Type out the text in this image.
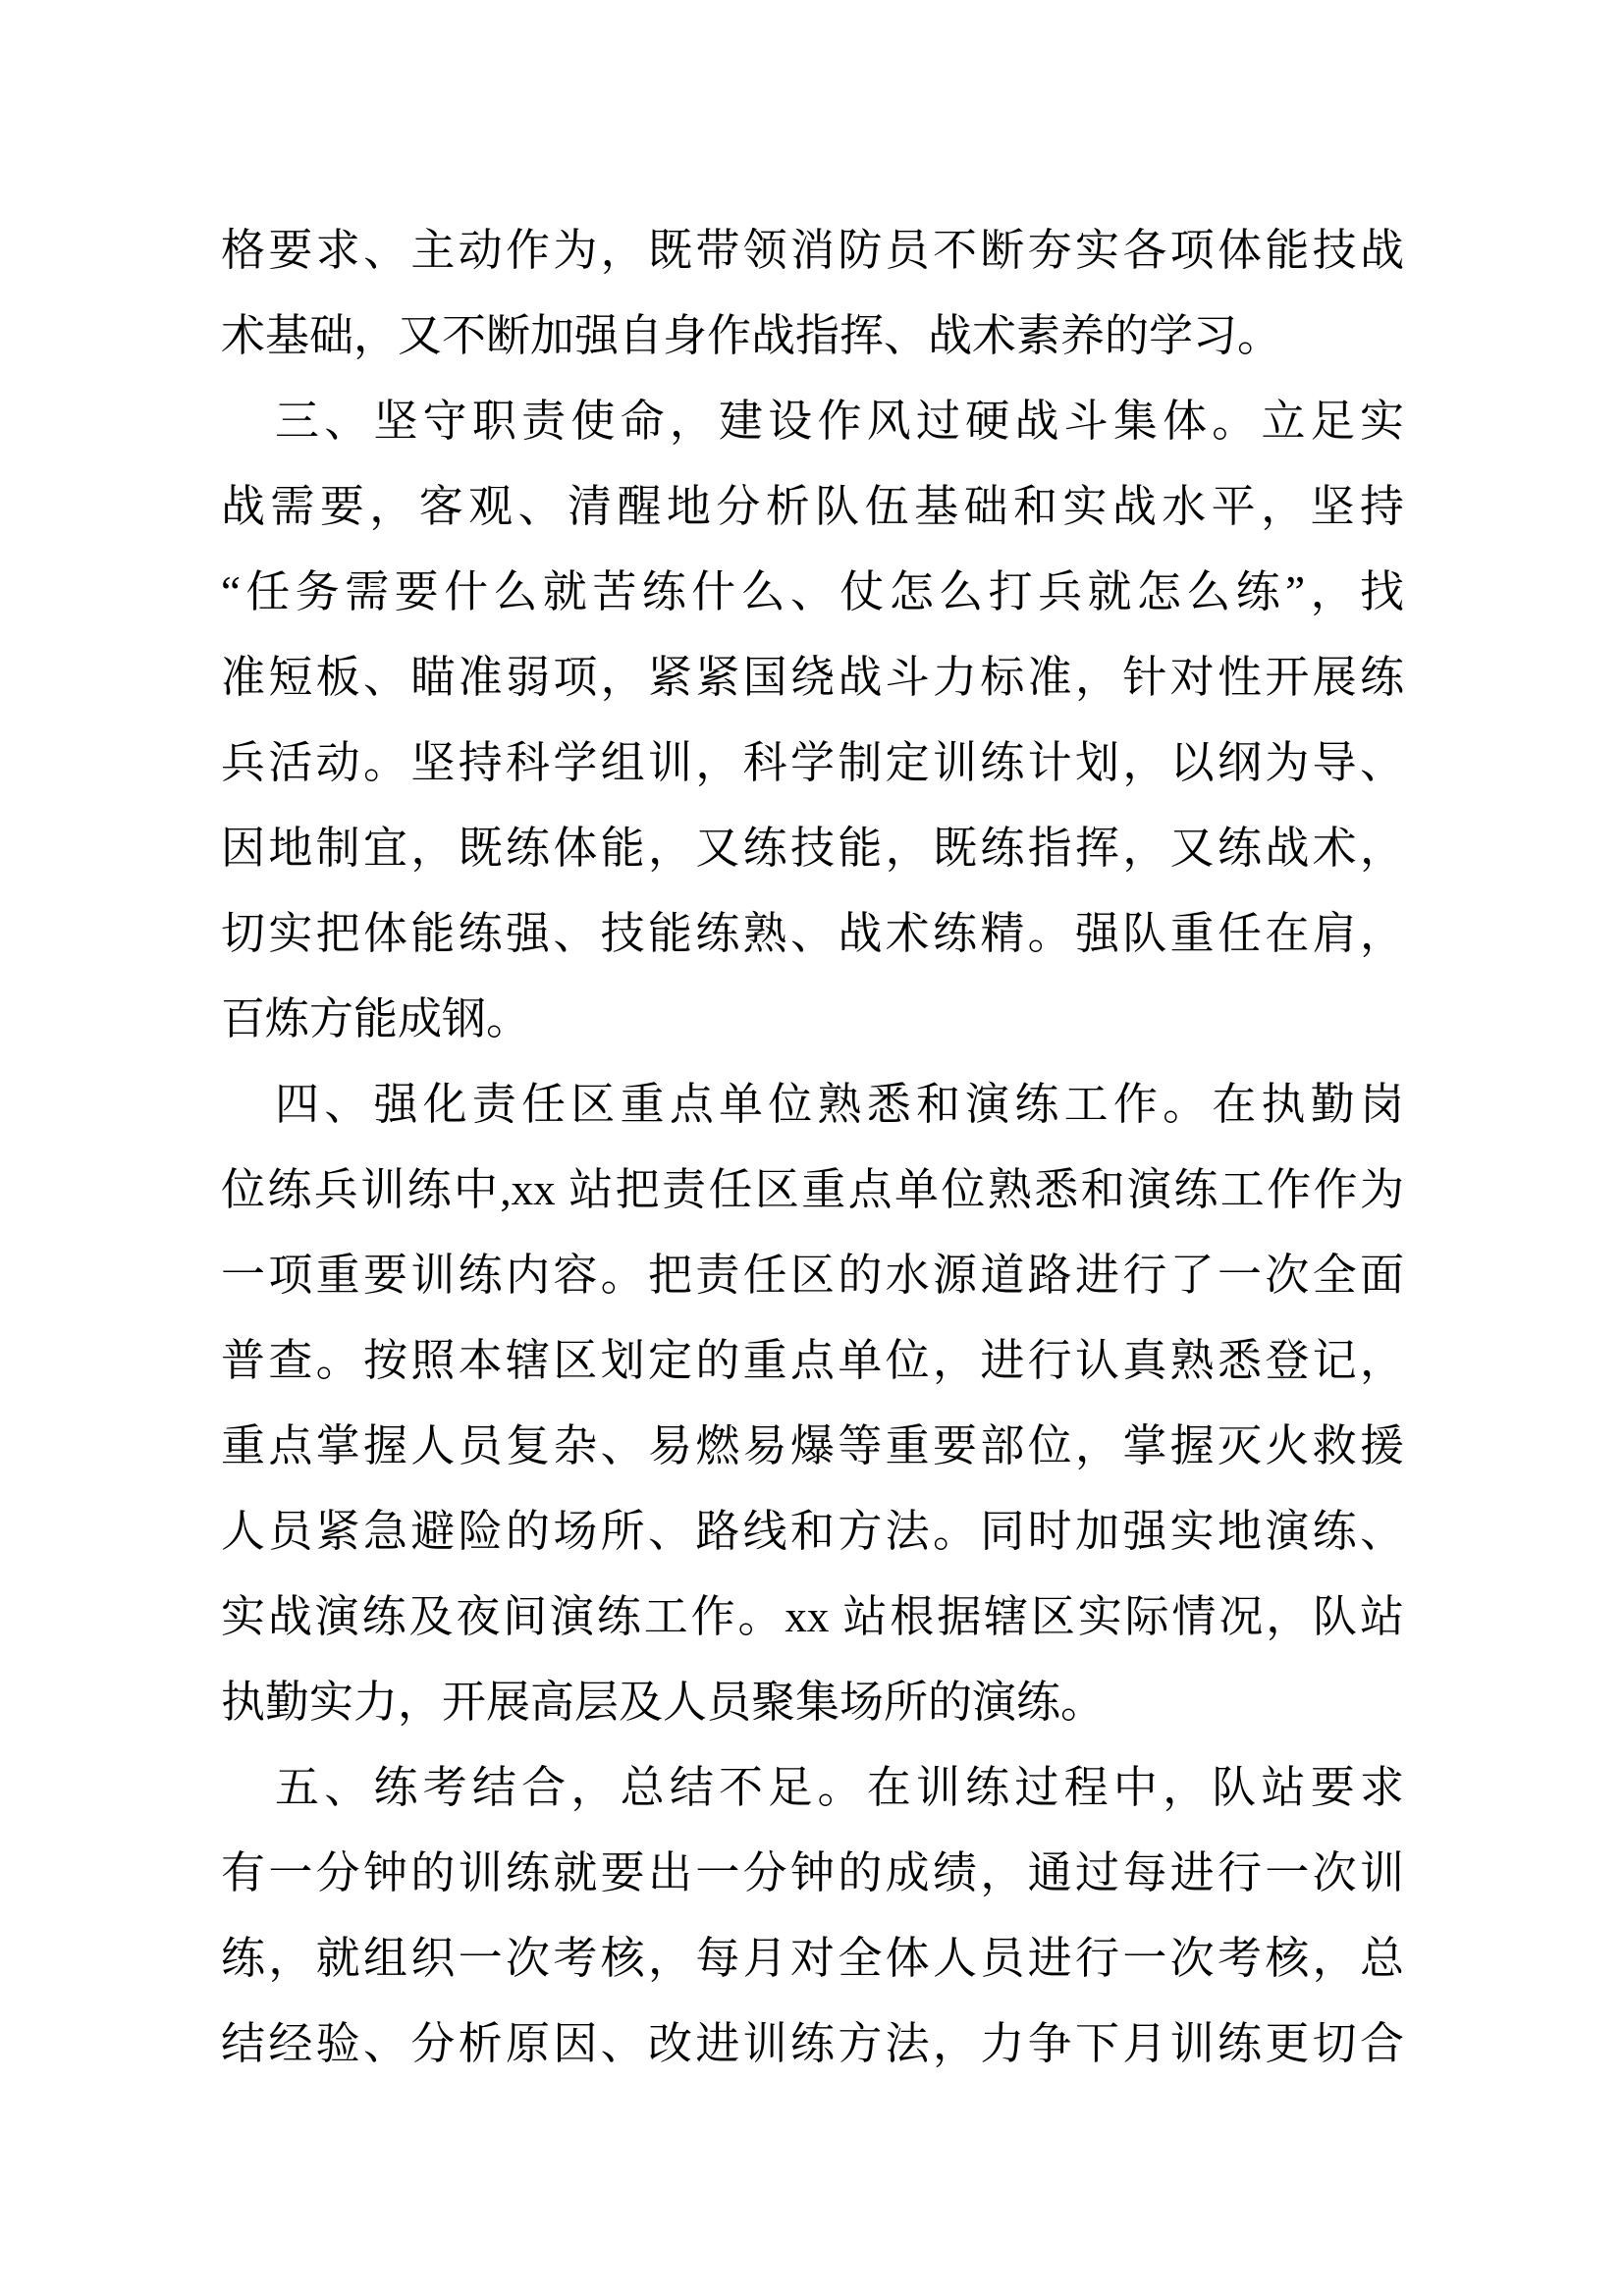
格要求、主动作为，既带领消防员不断夯实各项体能技战
术基础，又不断加强自身作战指挥、战术素养的学习。
三、坚守职责使命，建设作风过硬战斗集体。立足实
战需要，客观、清醒地分析队伍基础和实战水平，坚持
“任务需要什么就苦练什么、仗怎么打兵就怎么练”，找
准短板、瞄准弱项，紧紧国绕战斗力标准，针对性开展练
兵活动。坚持科学组训，科学制定训练计划，以纲为导、
因地制宜，既练体能，又练技能，既练指挥，又练战术，
切实把体能练强、技能练熟、战术练精。强队重任在肩，
百炼方能成钢。
四、强化责任区重点单位熟悉和演练工作。在执勤岗
位练兵训练中,xx 站把责任区重点单位熟悉和演练工作作为
一项重要训练内容。把责任区的水源道路进行了一次全面
普查。按照本辖区划定的重点单位，进行认真熟悉登记，
重点掌握人员复杂、易燃易爆等重要部位，掌握灭火救援
人员紧急避险的场所、路线和方法。同时加强实地演练、
实战演练及夜间演练工作。xx 站根据辖区实际情况，队站
执勤实力，开展高层及人员聚集场所的演练。
五、练考结合，总结不足。在训练过程中，队站要求
有一分钟的训练就要出一分钟的成绩，通过每进行一次训
练，就组织一次考核，每月对全体人员进行一次考核，总
结经验、分析原因、改进训练方法，力争下月训练更切合
